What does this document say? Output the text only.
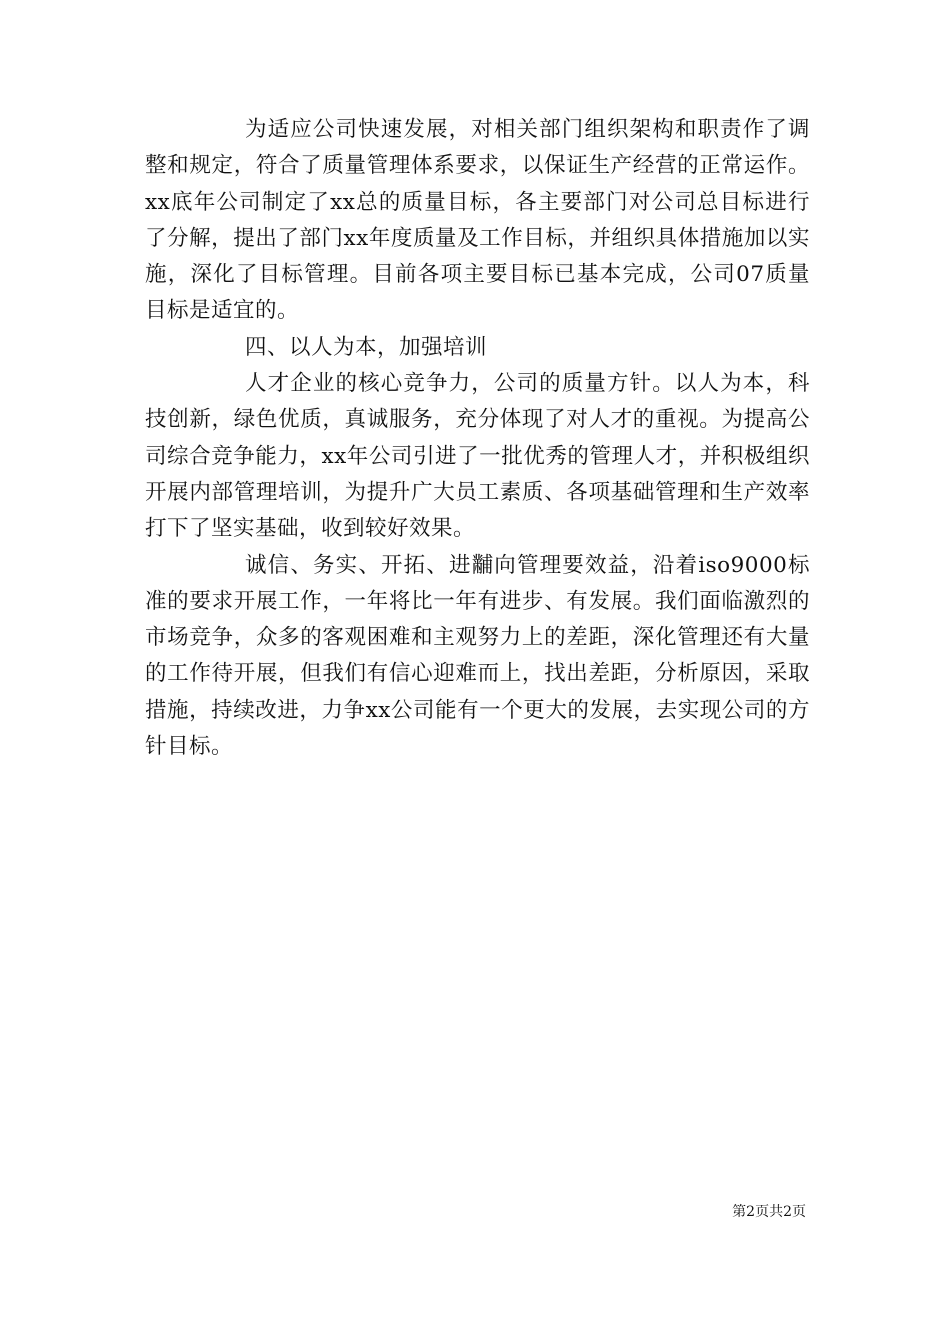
为适应公司快速发展，对相关部门组织架构和职责作了调整和规定，符合了质量管理体系要求，以保证生产经营的正常运作。xx底年公司制定了xx总的质量目标，各主要部门对公司总目标进行了分解，提出了部门xx年度质量及工作目标，并组织具体措施加以实施，深化了目标管理。目前各项主要目标已基本完成，公司07质量目标是适宜的。

四、以人为本，加强培训

人才企业的核心竞争力，公司的质量方针。以人为本，科技创新，绿色优质，真诚服务，充分体现了对人才的重视。为提高公司综合竞争能力，xx年公司引进了一批优秀的管理人才，并积极组织开展内部管理培训，为提升广大员工素质、各项基础管理和生产效率打下了坚实基础，收到较好效果。

诚信、务实、开拓、进黼向管理要效益，沿着iso9000标准的要求开展工作，一年将比一年有进步、有发展。我们面临激烈的市场竞争，众多的客观困难和主观努力上的差距，深化管理还有大量的工作待开展，但我们有信心迎难而上，找出差距，分析原因，采取措施，持续改进，力争xx公司能有一个更大的发展，去实现公司的方针目标。

第2页共2页
